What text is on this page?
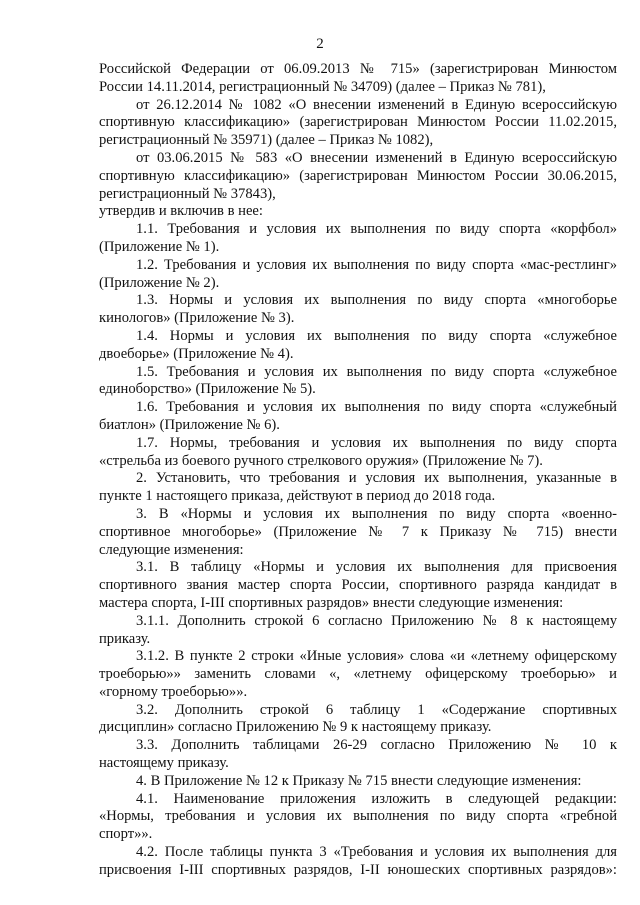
2

Российской Федерации от 06.09.2013 № 715» (зарегистрирован Минюстом

России 14.11.2014, регистрационный № 34709) (далее – Приказ № 781),

от 26.12.2014 № 1082 «О внесении изменений в Единую всероссийскую

спортивную классификацию» (зарегистрирован Минюстом России 11.02.2015,

регистрационный № 35971) (далее – Приказ № 1082),

от 03.06.2015 № 583 «О внесении изменений в Единую всероссийскую

спортивную классификацию» (зарегистрирован Минюстом России 30.06.2015,

регистрационный № 37843),

утвердив и включив в нее:

1.1. Требования и условия их выполнения по виду спорта «корфбол»

(Приложение № 1).

1.2. Требования и условия их выполнения по виду спорта «мас-рестлинг»

(Приложение № 2).

1.3. Нормы и условия их выполнения по виду спорта «многоборье

кинологов» (Приложение № 3).

1.4. Нормы и условия их выполнения по виду спорта «служебное

двоеборье» (Приложение № 4).

1.5. Требования и условия их выполнения по виду спорта «служебное

единоборство» (Приложение № 5).

1.6. Требования и условия их выполнения по виду спорта «служебный

биатлон» (Приложение № 6).

1.7. Нормы, требования и условия их выполнения по виду спорта

«стрельба из боевого ручного стрелкового оружия» (Приложение № 7).

2. Установить, что требования и условия их выполнения, указанные в

пункте 1 настоящего приказа, действуют в период до 2018 года.

3. В «Нормы и условия их выполнения по виду спорта «военно-

спортивное многоборье» (Приложение № 7 к Приказу № 715) внести

следующие изменения:

3.1. В таблицу «Нормы и условия их выполнения для присвоения

спортивного звания мастер спорта России, спортивного разряда кандидат в

мастера спорта, I-III спортивных разрядов» внести следующие изменения:

3.1.1. Дополнить строкой 6 согласно Приложению № 8 к настоящему

приказу.

3.1.2. В пункте 2 строки «Иные условия» слова «и «летнему офицерскому

троеборью»» заменить словами «, «летнему офицерскому троеборью» и

«горному троеборью»».

3.2. Дополнить строкой 6 таблицу 1 «Содержание спортивных

дисциплин» согласно Приложению № 9 к настоящему приказу.

3.3. Дополнить таблицами 26-29 согласно Приложению № 10 к

настоящему приказу.

4. В Приложение № 12 к Приказу № 715 внести следующие изменения:

4.1. Наименование приложения изложить в следующей редакции:

«Нормы, требования и условия их выполнения по виду спорта «гребной

спорт»».

4.2. После таблицы пункта 3 «Требования и условия их выполнения для

присвоения I-III спортивных разрядов, I-II юношеских спортивных разрядов»:
